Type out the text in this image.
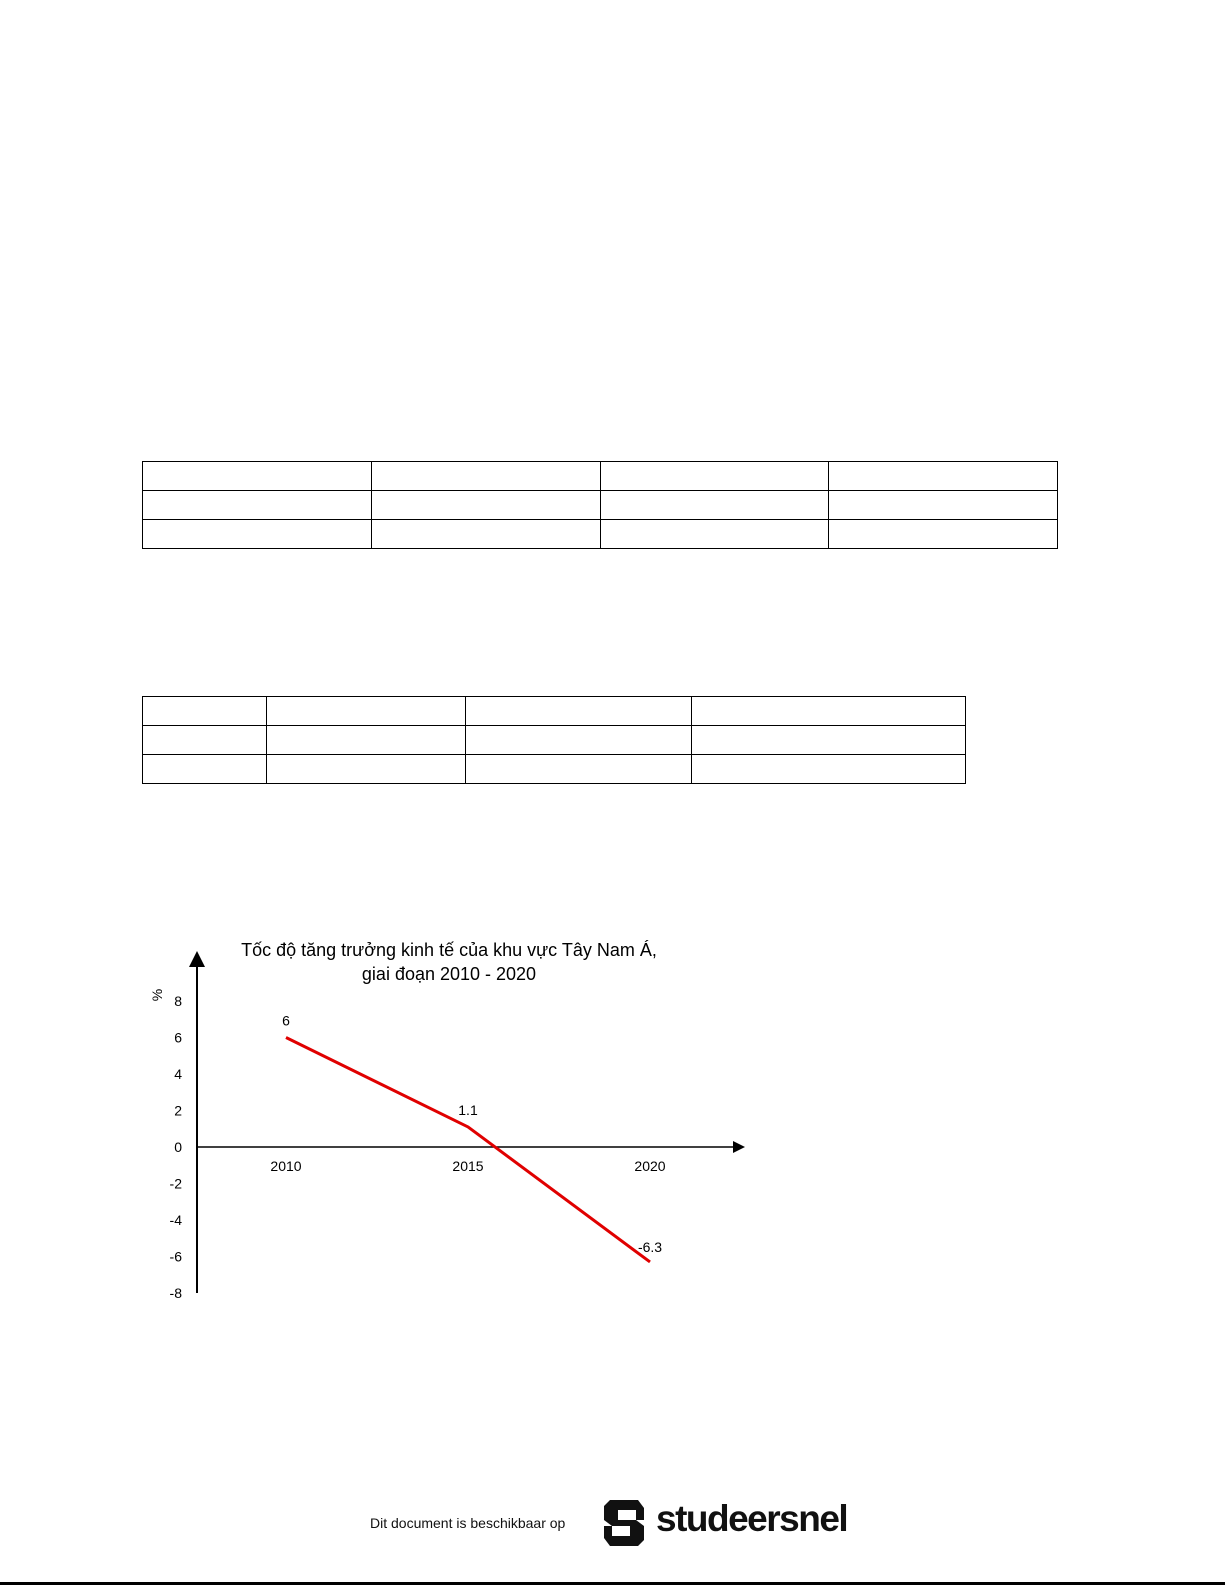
Tốc độ tăng trưởng kinh tế của khu vực Tây Nam Á,
giai đoạn 2010 - 2020
% 8
6
4
2
0
-2
-4
-6
-8
2010	2015	2020
6
1.1
-6.3
Dit document is beschikbaar op studeersnel
